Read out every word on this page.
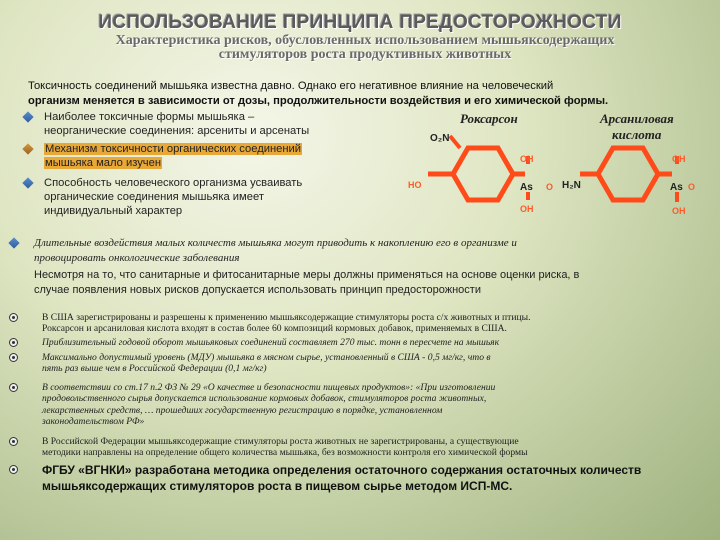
ИСПОЛЬЗОВАНИЕ ПРИНЦИПА ПРЕДОСТОРОЖНОСТИ
Характеристика рисков, обусловленных использованием мышьяксодержащих
стимуляторов роста продуктивных животных
Токсичность соединений мышьяка известна давно. Однако его негативное влияние на человеческий
организм меняется в зависимости от дозы, продолжительности воздействия и его химической формы.
Наиболее токсичные формы мышьяка –
неорганические соединения: арсениты и арсенаты
Механизм токсичности органических соединений
мышьяка мало изучен
Способность человеческого организма усваивать
органические соединения мышьяка имеет
индивидуальный характер
Роксарсон	Арсаниловая
кислота
O₂N
HO	As O
OH
OH
H₂N	As O
OH
OH
Длительные воздействия малых количеств мышьяка могут приводить к накоплению его в организме и
провоцировать онкологические заболевания
Несмотря на то, что санитарные и фитосанитарные меры должны применяться на основе оценки риска, в
случае появления новых рисков допускается использовать принцип предосторожности
В США зарегистрированы и разрешены к применению мышьяксодержащие стимуляторы роста с/х животных и птицы.
Роксарсон и арсаниловая кислота входят в состав более 60 композиций кормовых добавок, применяемых в США.
Приблизительный годовой оборот мышьяковых соединений составляет 270 тыс. тонн в пересчете на мышьяк
Максимально допустимый уровень (МДУ) мышьяка в мясном сырье, установленный в США - 0,5 мг/кг, что в
пять раз выше чем в Российской Федерации (0,1 мг/кг)
В соответствии со ст.17 п.2 ФЗ № 29 «О качестве и безопасности пищевых продуктов»: «При изготовлении
продовольственного сырья допускается использование кормовых добавок, стимуляторов роста животных,
лекарственных средств, … прошедших государственную регистрацию в порядке, установленном
законодательством РФ»
В Российской Федерации мышьяксодержащие стимуляторы роста животных не зарегистрированы, а существующие
методики направлены на определение общего количества мышьяка, без возможности контроля его химической формы
ФГБУ «ВГНКИ» разработана методика определения остаточного содержания остаточных количеств
мышьяксодержащих стимуляторов роста в пищевом сырье методом ИСП-МС.
